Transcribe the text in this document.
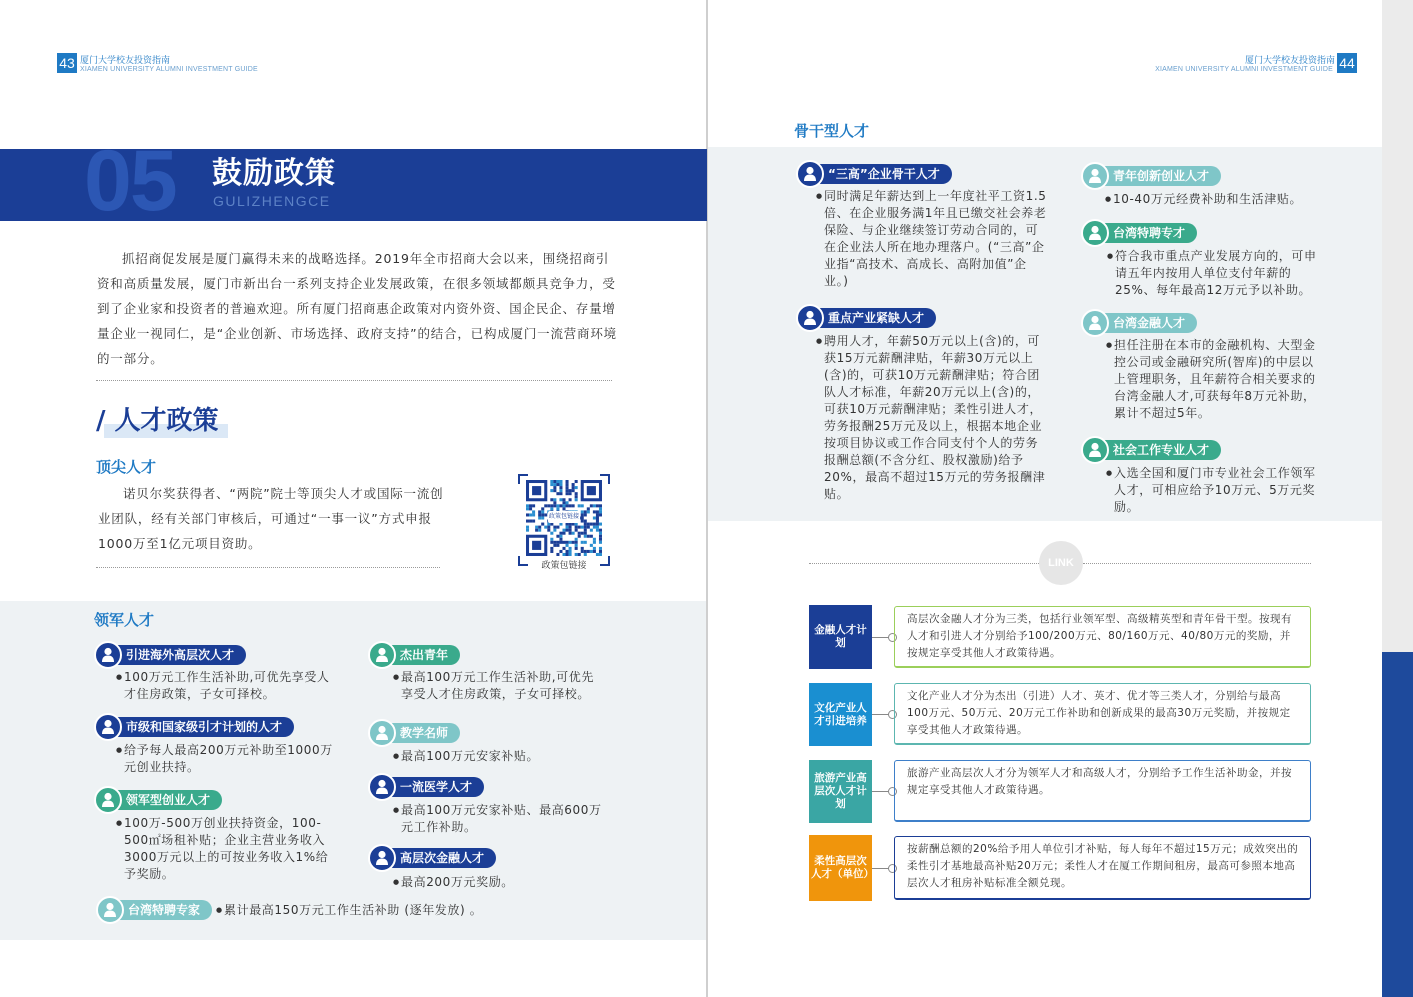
43 厦门大学校友投资指南
XIAMEN UNIVERSITY ALUMNI INVESTMENT GUIDE	44
厦门大学校友投资指南
XIAMEN UNIVERSITY ALUMNI INVESTMENT GUIDE
05 鼓励政策
GULIZHENGCE
抓招商促发展是厦门赢得未来的战略选择。2019年全市招商大会以来，围绕招商引资和高质量发展，厦门市新出台一系列支持企业发展政策，在很多领域都颇具竞争力，受到了企业家和投资者的普遍欢迎。所有厦门招商惠企政策对内资外资、国企民企、存量增量企业一视同仁，是“企业创新、市场选择、政府支持”的结合，已构成厦门一流营商环境的一部分。
/ 人才政策
顶尖人才
诺贝尔奖获得者、“两院”院士等顶尖人才或国际一流创业团队，经有关部门审核后，可通过“一事一议”方式申报1000万至1亿元项目资助。
政策包链接
政策包链接
领军人才
引进海外高层次人才
● 100万元工作生活补助,可优先享受人才住房政策，子女可择校。
市级和国家级引才计划的人才
● 给予每人最高200万元补助至1000万元创业扶持。
领军型创业人才
● 100万-500万创业扶持资金，100-500㎡场租补贴；企业主营业务收入3000万元以上的可按业务收入1%给予奖励。
杰出青年
● 最高100万元工作生活补助,可优先享受人才住房政策，子女可择校。
教学名师
● 最高100万元安家补贴。
一流医学人才
● 最高100万元安家补贴、最高600万元工作补助。
高层次金融人才
● 最高200万元奖励。
台湾特聘专家
●	累计最高150万元工作生活补助 (逐年发放) 。
骨干型人才
“三高”企业骨干人才
● 同时满足年薪达到上一年度社平工资1.5倍、在企业服务满1年且已缴交社会养老保险、与企业继续签订劳动合同的，可在企业法人所在地办理落户。(“三高”企业指“高技术、高成长、高附加值”企业。)
重点产业紧缺人才
● 聘用人才，年薪50万元以上(含)的，可获15万元薪酬津贴，年薪30万元以上(含)的，可获10万元薪酬津贴；符合团队人才标准，年薪20万元以上(含)的，可获10万元薪酬津贴；柔性引进人才，劳务报酬25万元及以上，根据本地企业按项目协议或工作合同支付个人的劳务报酬总额(不含分红、股权激励)给予20%，最高不超过15万元的劳务报酬津贴。
青年创新创业人才
● 10-40万元经费补助和生活津贴。
台湾特聘专才
● 符合我市重点产业发展方向的，可申请五年内按用人单位支付年薪的25%、每年最高12万元予以补助。
台湾金融人才
● 担任注册在本市的金融机构、大型金控公司或金融研究所(智库)的中层以上管理职务，且年薪符合相关要求的台湾金融人才,可获每年8万元补助，累计不超过5年。
社会工作专业人才
● 入选全国和厦门市专业社会工作领军人才，可相应给予10万元、5万元奖励。
LINK
金融人才计划
高层次金融人才分为三类，包括行业领军型、高级精英型和青年骨干型。按现有人才和引进人才分别给予100/200万元、80/160万元、40/80万元的奖励，并按规定享受其他人才政策待遇。
文化产业人才引进培养
文化产业人才分为杰出（引进）人才、英才、优才等三类人才，分别给与最高100万元、50万元、20万元工作补助和创新成果的最高30万元奖励，并按规定享受其他人才政策待遇。
旅游产业高层次人才计划
旅游产业高层次人才分为领军人才和高级人才，分别给予工作生活补助金，并按规定享受其他人才政策待遇。
柔性高层次人才（单位）
按薪酬总额的20%给予用人单位引才补贴，每人每年不超过15万元；成效突出的柔性引才基地最高补贴20万元；柔性人才在厦工作期间租房，最高可参照本地高层次人才租房补贴标准全额兑现。
